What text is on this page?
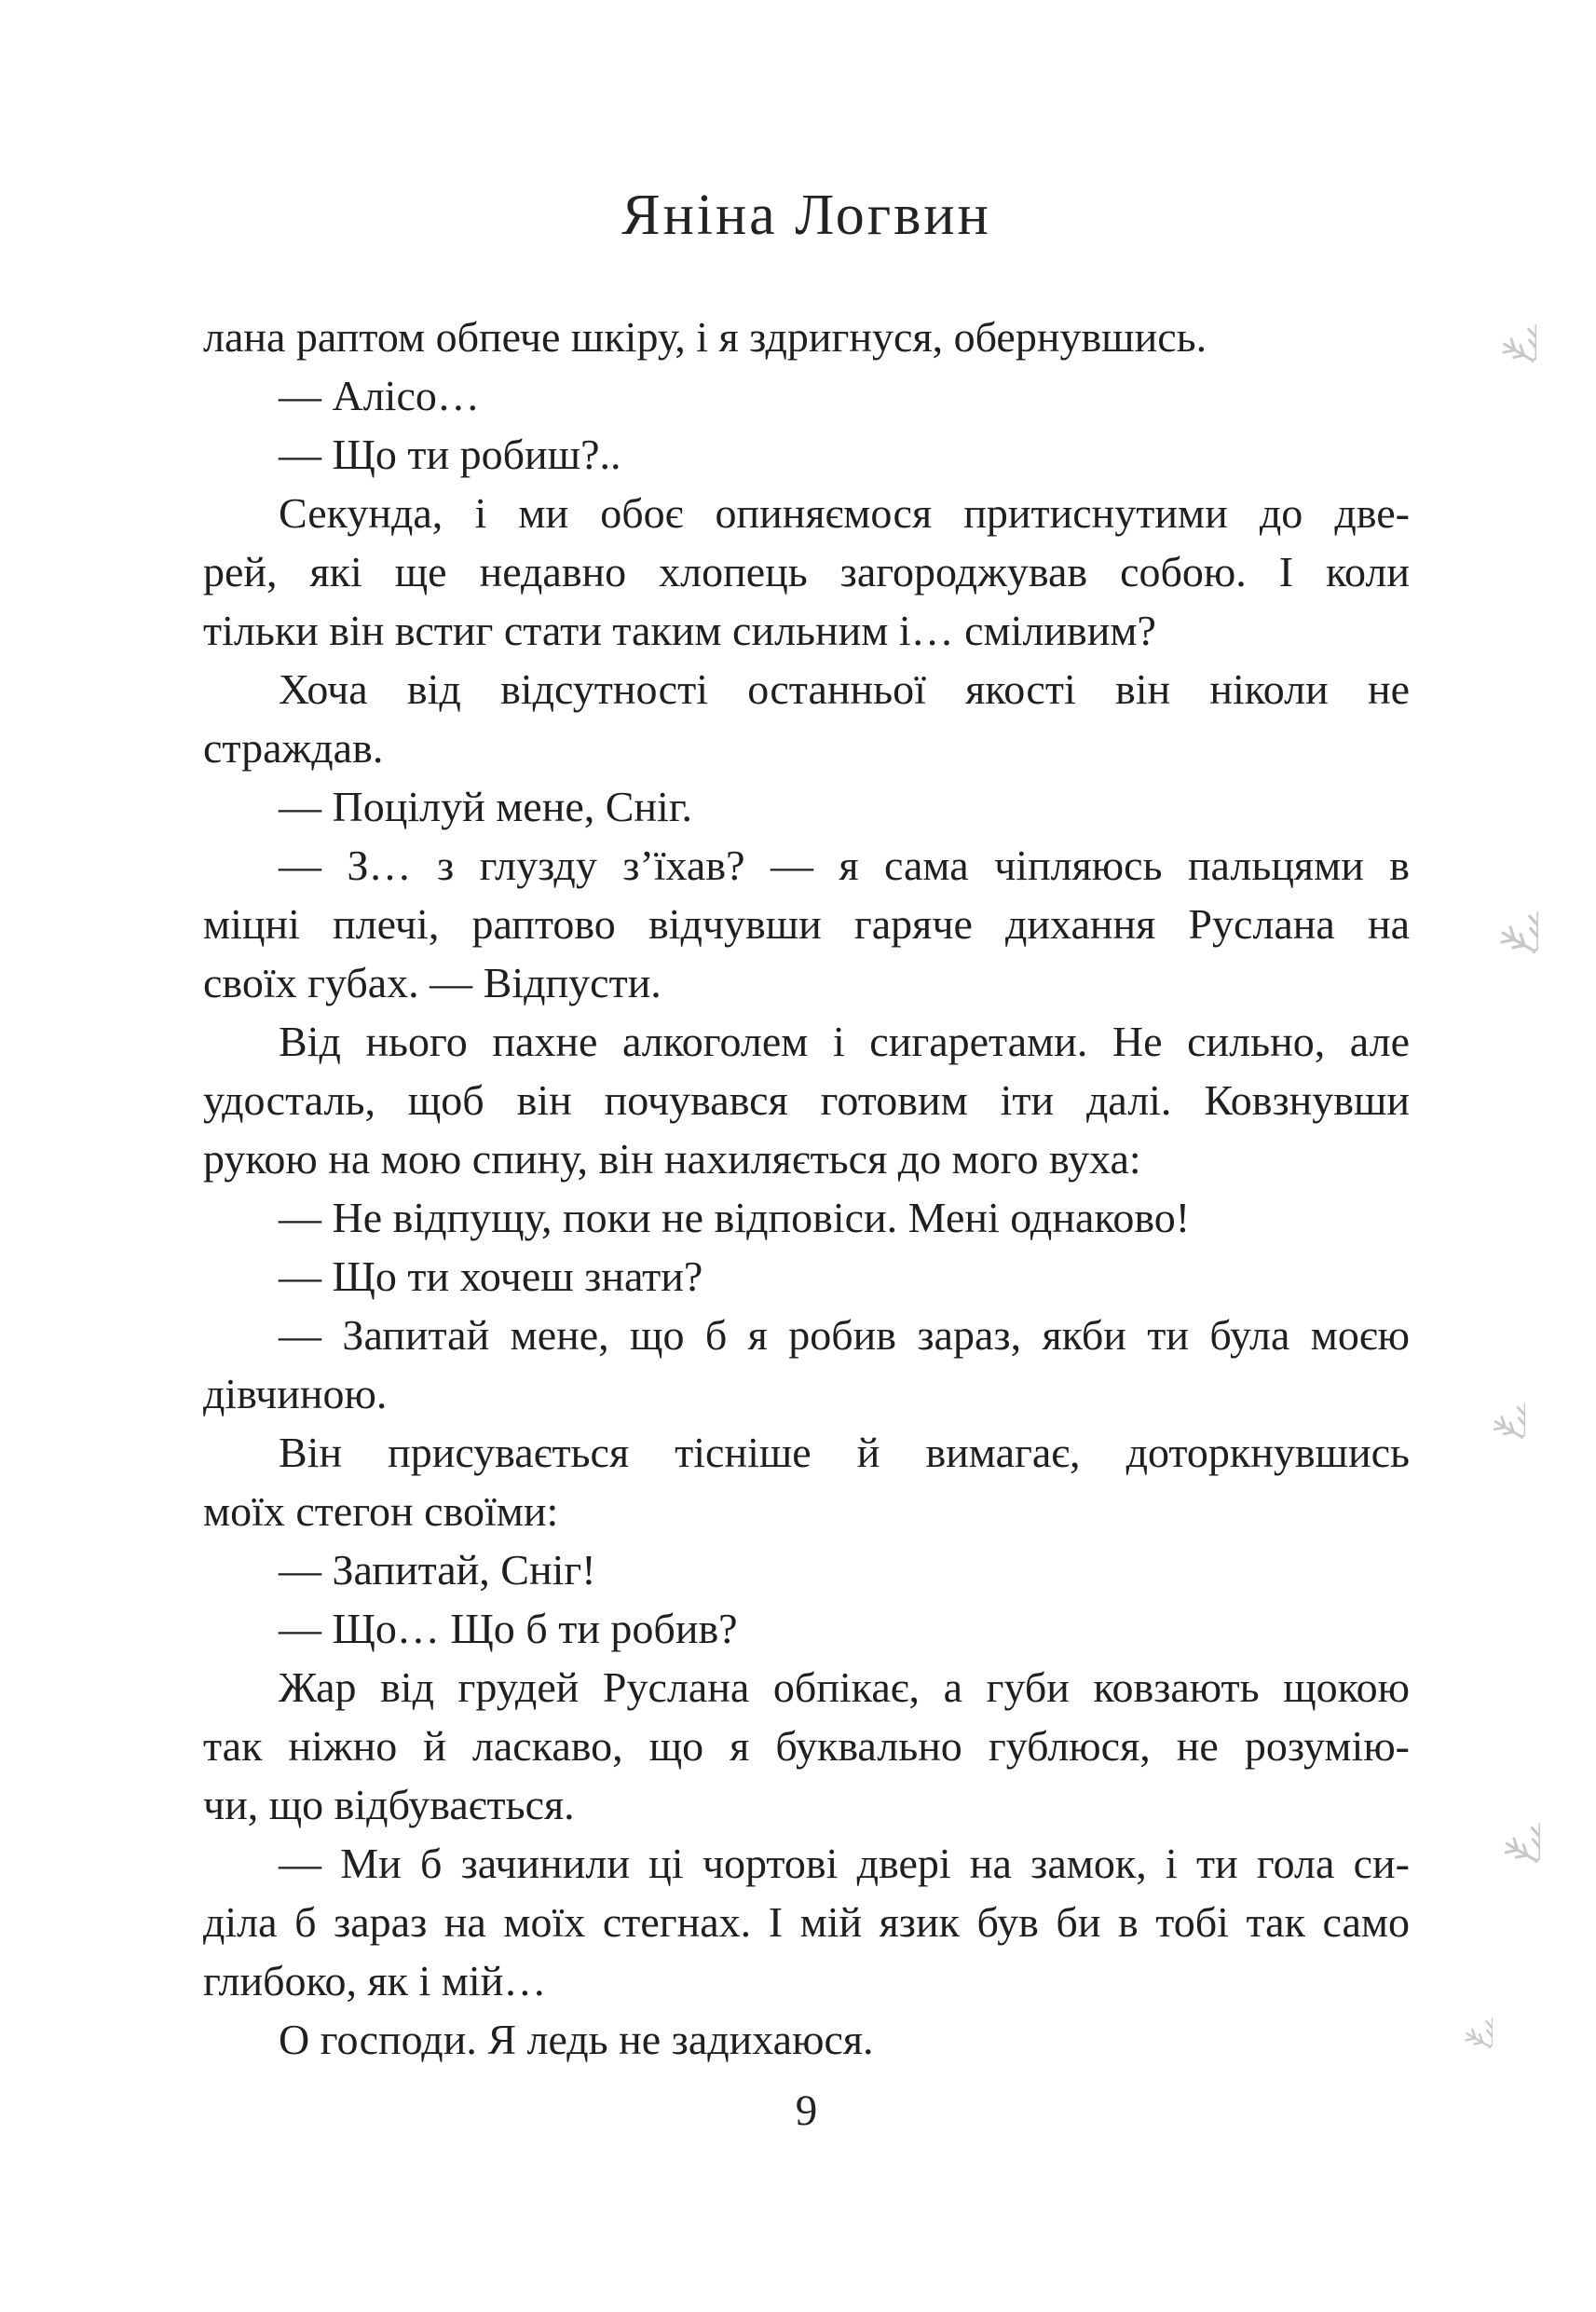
Яніна Логвин
лана раптом обпече шкіру, і я здригнуся, обернувшись.
— Алісо…
— Що ти робиш?..
Секунда, і ми обоє опиняємося притиснутими до две-
рей, які ще недавно хлопець загороджував собою. І коли
тільки він встиг стати таким сильним і… сміливим?
Хоча від відсутності останньої якості він ніколи не
страждав.
— Поцілуй мене, Сніг.
— З… з глузду з’їхав? — я сама чіпляюсь пальцями в
міцні плечі, раптово відчувши гаряче дихання Руслана на
своїх губах. — Відпусти.
Від нього пахне алкоголем і сигаретами. Не сильно, але
удосталь, щоб він почувався готовим іти далі. Ковзнувши
рукою на мою спину, він нахиляється до мого вуха:
— Не відпущу, поки не відповіси. Мені однаково!
— Що ти хочеш знати?
— Запитай мене, що б я робив зараз, якби ти була моєю
дівчиною.
Він присувається тісніше й вимагає, доторкнувшись
моїх стегон своїми:
— Запитай, Сніг!
— Що… Що б ти робив?
Жар від грудей Руслана обпікає, а губи ковзають щокою
так ніжно й ласкаво, що я буквально гублюся, не розумію-
чи, що відбувається.
— Ми б зачинили ці чортові двері на замок, і ти гола си-
діла б зараз на моїх стегнах. І мій язик був би в тобі так само
глибоко, як і мій…
О господи. Я ледь не задихаюся.
9
